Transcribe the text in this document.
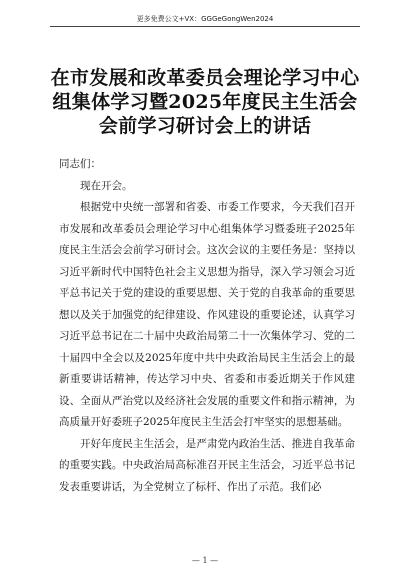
更多免费公文+VX：GGGeGongWen2024
在市发展和改革委员会理论学习中心组集体学习暨2025年度民主生活会会前学习研讨会上的讲话

同志们：

现在开会。

根据党中央统一部署和省委、市委工作要求，今天我们召开市发展和改革委员会理论学习中心组集体学习暨委班子2025年度民主生活会会前学习研讨会。这次会议的主要任务是：坚持以习近平新时代中国特色社会主义思想为指导，深入学习领会习近平总书记关于党的建设的重要思想、关于党的自我革命的重要思想以及关于加强党的纪律建设、作风建设的重要论述，认真学习习近平总书记在二十届中央政治局第二十一次集体学习、党的二十届四中全会以及2025年度中共中央政治局民主生活会上的最新重要讲话精神，传达学习中央、省委和市委近期关于作风建设、全面从严治党以及经济社会发展的重要文件和指示精神，为高质量开好委班子2025年度民主生活会打牢坚实的思想基础。

开好年度民主生活会，是严肃党内政治生活、推进自我革命的重要实践。中央政治局高标准召开民主生活会，习近平总书记发表重要讲话，为全党树立了标杆、作出了示范。我们必

— 1 —
